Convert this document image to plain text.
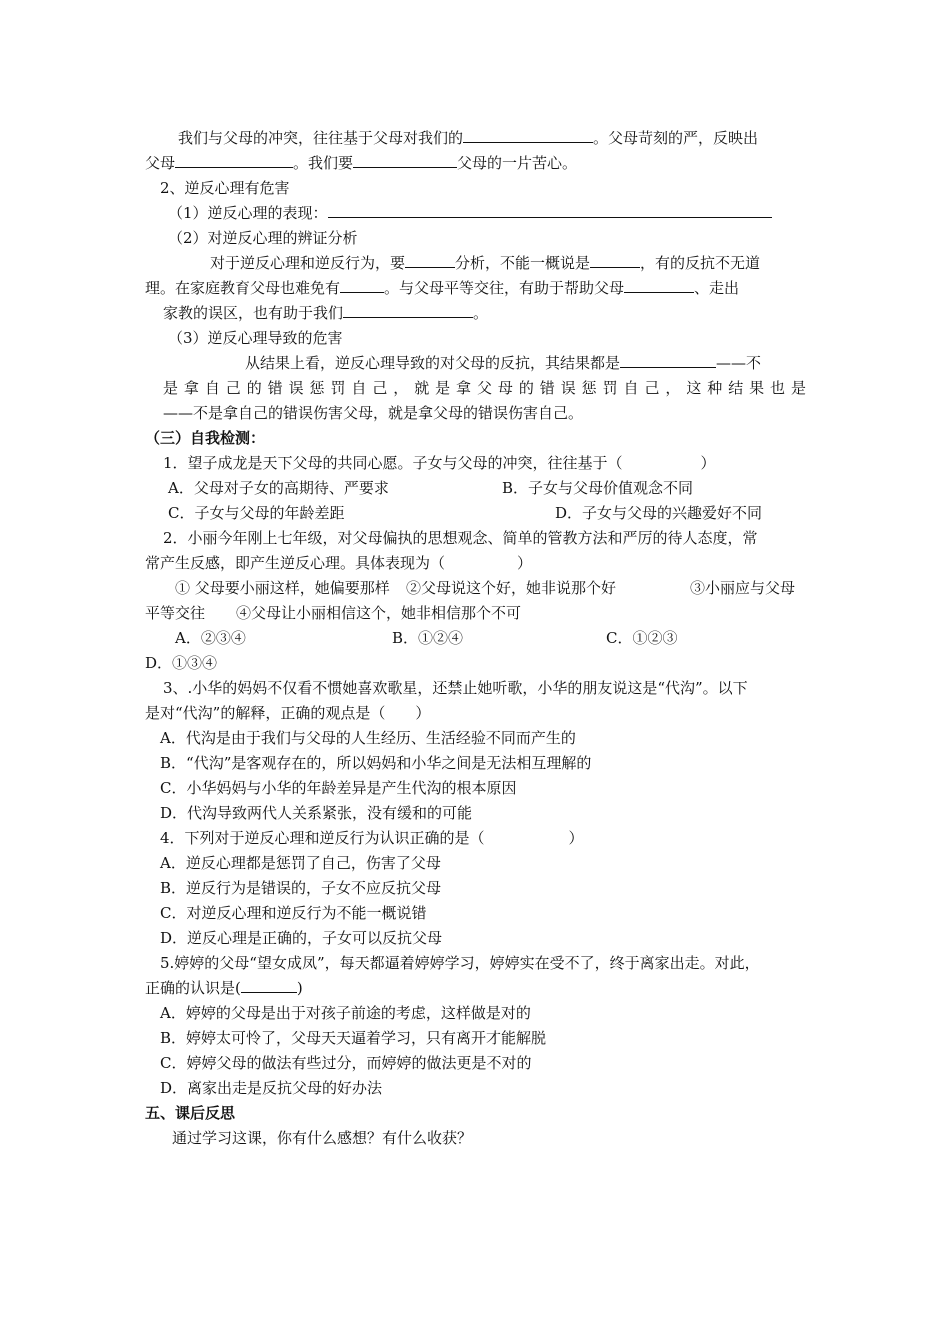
我们与父母的冲突，往往基于父母对我们的	。父母苛刻的严，反映出
父母	。我们要	父母的一片苦心。
2、逆反心理有危害
（1）逆反心理的表现：
（2）对逆反心理的辨证分析
对于逆反心理和逆反行为，要	分析，不能一概说是	，有的反抗不无道
理。在家庭教育父母也难免有	。与父母平等交往，有助于帮助父母	、走出
家教的误区，也有助于我们	。
（3）逆反心理导致的危害
从结果上看，逆反心理导致的对父母的反抗，其结果都是	——不
是拿自己的错误惩罚自己，就是拿父母的错误惩罚自己，这种结果也是
——不是拿自己的错误伤害父母，就是拿父母的错误伤害自己。
（三）自我检测：
1．望子成龙是天下父母的共同心愿。子女与父母的冲突，往往基于（	）
A．父母对子女的高期待、严要求	B．子女与父母价值观念不同
C．子女与父母的年龄差距	D．子女与父母的兴趣爱好不同
2．小丽今年刚上七年级，对父母偏执的思想观念、简单的管教方法和严厉的待人态度，常
常产生反感，即产生逆反心理。具体表现为（	）
① 父母要小丽这样，她偏要那样 ②父母说这个好，她非说那个好	③小丽应与父母
平等交往 ④父母让小丽相信这个，她非相信那个不可
A．②③④	B．①②④	C．①②③
D．①③④
3、.小华的妈妈不仅看不惯她喜欢歌星，还禁止她听歌，小华的朋友说这是“代沟”。以下
是对“代沟”的解释，正确的观点是（ ）
A．代沟是由于我们与父母的人生经历、生活经验不同而产生的
B．“代沟”是客观存在的，所以妈妈和小华之间是无法相互理解的
C．小华妈妈与小华的年龄差异是产生代沟的根本原因
D．代沟导致两代人关系紧张，没有缓和的可能
4．下列对于逆反心理和逆反行为认识正确的是（	）
A．逆反心理都是惩罚了自己，伤害了父母
B．逆反行为是错误的，子女不应反抗父母
C．对逆反心理和逆反行为不能一概说错
D．逆反心理是正确的，子女可以反抗父母
5.婷婷的父母“望女成凤”，每天都逼着婷婷学习，婷婷实在受不了，终于离家出走。对此，
正确的认识是(	)
A．婷婷的父母是出于对孩子前途的考虑，这样做是对的
B．婷婷太可怜了，父母天天逼着学习，只有离开才能解脱
C．婷婷父母的做法有些过分，而婷婷的做法更是不对的
D．离家出走是反抗父母的好办法
五、课后反思
通过学习这课，你有什么感想？有什么收获？
